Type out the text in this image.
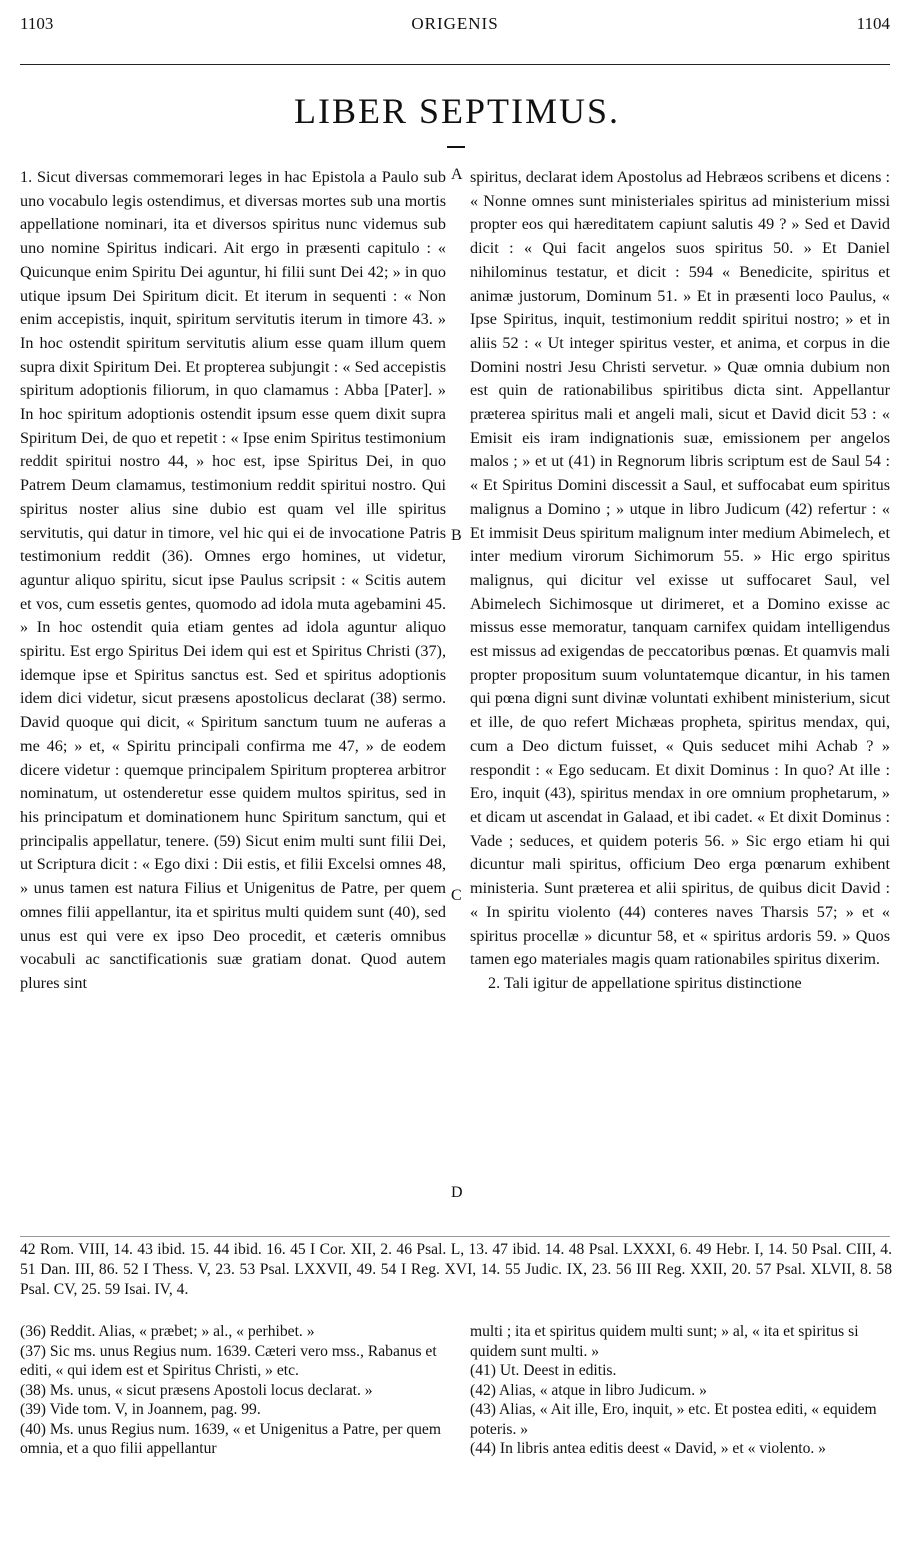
1103	ORIGENIS	1104
LIBER SEPTIMUS.

1. Sicut diversas commemorari leges in hac Epistola a Paulo sub uno vocabulo legis ostendimus, et diversas mortes sub una mortis appellatione nominari, ita et diversos spiritus nunc videmus sub uno nomine Spiritus indicari. Ait ergo in præsenti capitulo : « Quicunque enim Spiritu Dei aguntur, hi filii sunt Dei 42; » in quo utique ipsum Dei Spiritum dicit. Et iterum in sequenti : « Non enim accepistis, inquit, spiritum servitutis iterum in timore 43. » In hoc ostendit spiritum servitutis alium esse quam illum quem supra dixit Spiritum Dei. Et propterea subjungit : « Sed accepistis spiritum adoptionis filiorum, in quo clamamus : Abba [Pater]. » In hoc spiritum adoptionis ostendit ipsum esse quem dixit supra Spiritum Dei, de quo et repetit : « Ipse enim Spiritus testimonium reddit spiritui nostro 44, » hoc est, ipse Spiritus Dei, in quo Patrem Deum clamamus, testimonium reddit spiritui nostro. Qui spiritus noster alius sine dubio est quam vel ille spiritus servitutis, qui datur in timore, vel hic qui ei de invocatione Patris testimonium reddit (36). Omnes ergo homines, ut videtur, aguntur aliquo spiritu, sicut ipse Paulus scripsit : « Scitis autem et vos, cum essetis gentes, quomodo ad idola muta agebamini 45. » In hoc ostendit quia etiam gentes ad idola aguntur aliquo spiritu. Est ergo Spiritus Dei idem qui est et Spiritus Christi (37), idemque ipse et Spiritus sanctus est. Sed et spiritus adoptionis idem dici videtur, sicut præsens apostolicus declarat (38) sermo. David quoque qui dicit, « Spiritum sanctum tuum ne auferas a me 46; » et, « Spiritu principali confirma me 47, » de eodem dicere videtur : quemque principalem Spiritum propterea arbitror nominatum, ut ostenderetur esse quidem multos spiritus, sed in his principatum et dominationem hunc Spiritum sanctum, qui et principalis appellatur, tenere. (59) Sicut enim multi sunt filii Dei, ut Scriptura dicit : « Ego dixi : Dii estis, et filii Excelsi omnes 48, » unus tamen est natura Filius et Unigenitus de Patre, per quem omnes filii appellantur, ita et spiritus multi quidem sunt (40), sed unus est qui vere ex ipso Deo procedit, et cæteris omnibus vocabuli ac sanctificationis suæ gratiam donat. Quod autem plures sint

A
B
C
D

spiritus, declarat idem Apostolus ad Hebræos scribens et dicens : « Nonne omnes sunt ministeriales spiritus ad ministerium missi propter eos qui hæreditatem capiunt salutis 49 ? » Sed et David dicit : « Qui facit angelos suos spiritus 50. » Et Daniel nihilominus testatur, et dicit : 594 « Benedicite, spiritus et animæ justorum, Dominum 51. » Et in præsenti loco Paulus, « Ipse Spiritus, inquit, testimonium reddit spiritui nostro; » et in aliis 52 : « Ut integer spiritus vester, et anima, et corpus in die Domini nostri Jesu Christi servetur. » Quæ omnia dubium non est quin de rationabilibus spiritibus dicta sint. Appellantur præterea spiritus mali et angeli mali, sicut et David dicit 53 : « Emisit eis iram indignationis suæ, emissionem per angelos malos ; » et ut (41) in Regnorum libris scriptum est de Saul 54 : « Et Spiritus Domini discessit a Saul, et suffocabat eum spiritus malignus a Domino ; » utque in libro Judicum (42) refertur : « Et immisit Deus spiritum malignum inter medium Abimelech, et inter medium virorum Sichimorum 55. » Hic ergo spiritus malignus, qui dicitur vel exisse ut suffocaret Saul, vel Abimelech Sichimosque ut dirimeret, et a Domino exisse ac missus esse memoratur, tanquam carnifex quidam intelligendus est missus ad exigendas de peccatoribus pœnas. Et quamvis mali propter propositum suum voluntatemque dicantur, in his tamen qui pœna digni sunt divinæ voluntati exhibent ministerium, sicut et ille, de quo refert Michæas propheta, spiritus mendax, qui, cum a Deo dictum fuisset, « Quis seducet mihi Achab ? » respondit : « Ego seducam. Et dixit Dominus : In quo? At ille : Ero, inquit (43), spiritus mendax in ore omnium prophetarum, » et dicam ut ascendat in Galaad, et ibi cadet. « Et dixit Dominus : Vade ; seduces, et quidem poteris 56. » Sic ergo etiam hi qui dicuntur mali spiritus, officium Deo erga pœnarum exhibent ministeria. Sunt præterea et alii spiritus, de quibus dicit David : « In spiritu violento (44) conteres naves Tharsis 57; » et « spiritus procellæ » dicuntur 58, et « spiritus ardoris 59. » Quos tamen ego materiales magis quam rationabiles spiritus dixerim.

2. Tali igitur de appellatione spiritus distinctione

42 Rom. VIII, 14. 43 ibid. 15. 44 ibid. 16. 45 I Cor. XII, 2. 46 Psal. L, 13. 47 ibid. 14. 48 Psal. LXXXI, 6. 49 Hebr. I, 14. 50 Psal. CIII, 4. 51 Dan. III, 86. 52 I Thess. V, 23. 53 Psal. LXXVII, 49. 54 I Reg. XVI, 14. 55 Judic. IX, 23. 56 III Reg. XXII, 20. 57 Psal. XLVII, 8. 58 Psal. CV, 25. 59 Isai. IV, 4.

(36) Reddit. Alias, « præbet; » al., « perhibet. »

(37) Sic ms. unus Regius num. 1639. Cæteri vero mss., Rabanus et editi, « qui idem est et Spiritus Christi, » etc.

(38) Ms. unus, « sicut præsens Apostoli locus declarat. »

(39) Vide tom. V, in Joannem, pag. 99.

(40) Ms. unus Regius num. 1639, « et Unigenitus a Patre, per quem omnia, et a quo filii appellantur

multi ; ita et spiritus quidem multi sunt; » al, « ita et spiritus si quidem sunt multi. »

(41) Ut. Deest in editis.

(42) Alias, « atque in libro Judicum. »

(43) Alias, « Ait ille, Ero, inquit, » etc. Et postea editi, « equidem poteris. »

(44) In libris antea editis deest « David, » et « violento. »
